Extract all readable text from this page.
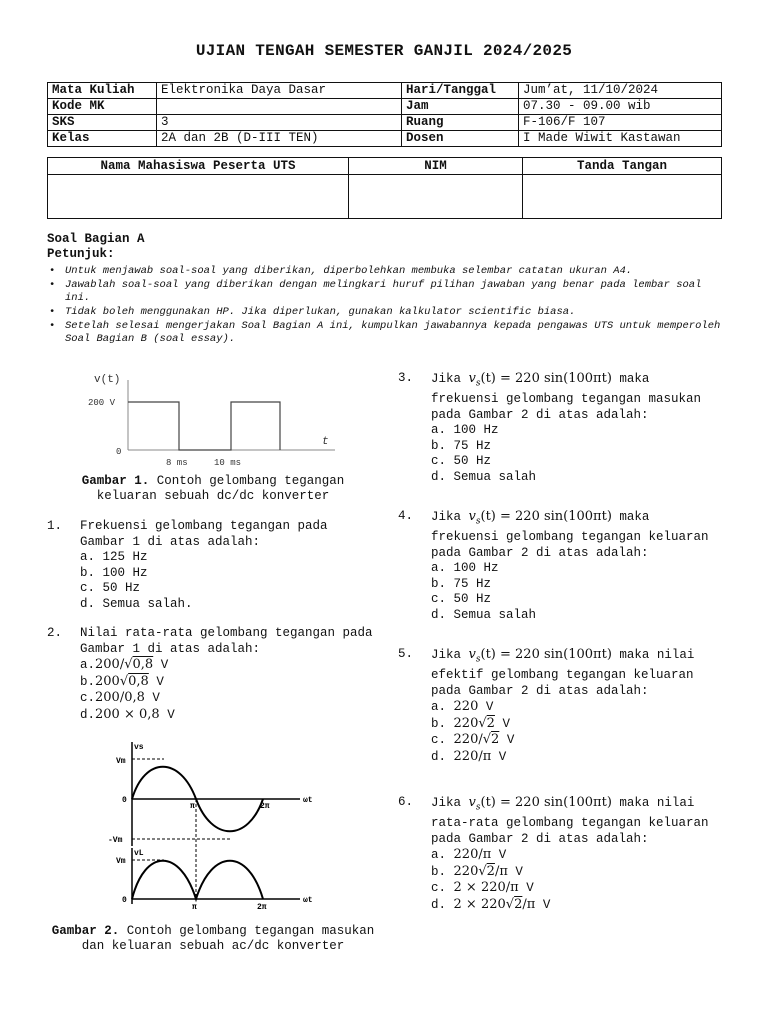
UJIAN TENGAH SEMESTER GANJIL 2024/2025
Mata Kuliah	Elektronika Daya Dasar	Hari/Tanggal	Jum’at, 11/10/2024
Kode MK		Jam	07.30 - 09.00 wib
SKS	3	Ruang	F-106/F 107
Kelas	2A dan 2B (D-III TEN)	Dosen	I Made Wiwit Kastawan
Nama Mahasiswa Peserta UTS	NIM	Tanda Tangan

Soal Bagian A
Petunjuk:
• Untuk menjawab soal-soal yang diberikan, diperbolehkan membuka selembar catatan ukuran A4.
• Jawablah soal-soal yang diberikan dengan melingkari huruf pilihan jawaban yang benar pada lembar soal ini.
• Tidak boleh menggunakan HP. Jika diperlukan, gunakan kalkulator scientific biasa.
• Setelah selesai mengerjakan Soal Bagian A ini, kumpulkan jawabannya kepada pengawas UTS untuk memperoleh Soal Bagian B (soal essay).
v(t)
200 V
0
t
8 ms	10 ms
Gambar 1. Contoh gelombang tegangan keluaran sebuah dc/dc konverter
1. Frekuensi gelombang tegangan pada Gambar 1 di atas adalah:
a. 125 Hz
b. 100 Hz
c. 50 Hz
d. Semua salah.
2. Nilai rata-rata gelombang tegangan pada Gambar 1 di atas adalah:
a.200/√0,8 V
b.200√0,8 V
c.200/0,8 V
d.200 × 0,8 V
vs
Vm
0
-Vm
π	2π
ωt
vL
Vm
0
π	2π
ωt
Gambar 2. Contoh gelombang tegangan masukan dan keluaran sebuah ac/dc konverter
3. Jika $v_s(t) = 220$ sin(100πt) maka frekuensi gelombang tegangan masukan pada Gambar 2 di atas adalah:
a. 100 Hz
b. 75 Hz
c. 50 Hz
d. Semua salah
4. Jika $v_s(t) = 220$ sin(100πt) maka frekuensi gelombang tegangan keluaran pada Gambar 2 di atas adalah:
a. 100 Hz
b. 75 Hz
c. 50 Hz
d. Semua salah
5. Jika $v_s(t) = 220$ sin(100πt) maka nilai efektif gelombang tegangan keluaran pada Gambar 2 di atas adalah:
a. 220 V
b. 220√2 V
c. 220/√2 V
d. 220/π V
6. Jika $v_s(t) = 220$ sin(100πt) maka nilai rata-rata gelombang tegangan keluaran pada Gambar 2 di atas adalah:
a. 220/π V
b. 220√2/π V
c. 2 × 220/π V
d. 2 × 220√2/π V
